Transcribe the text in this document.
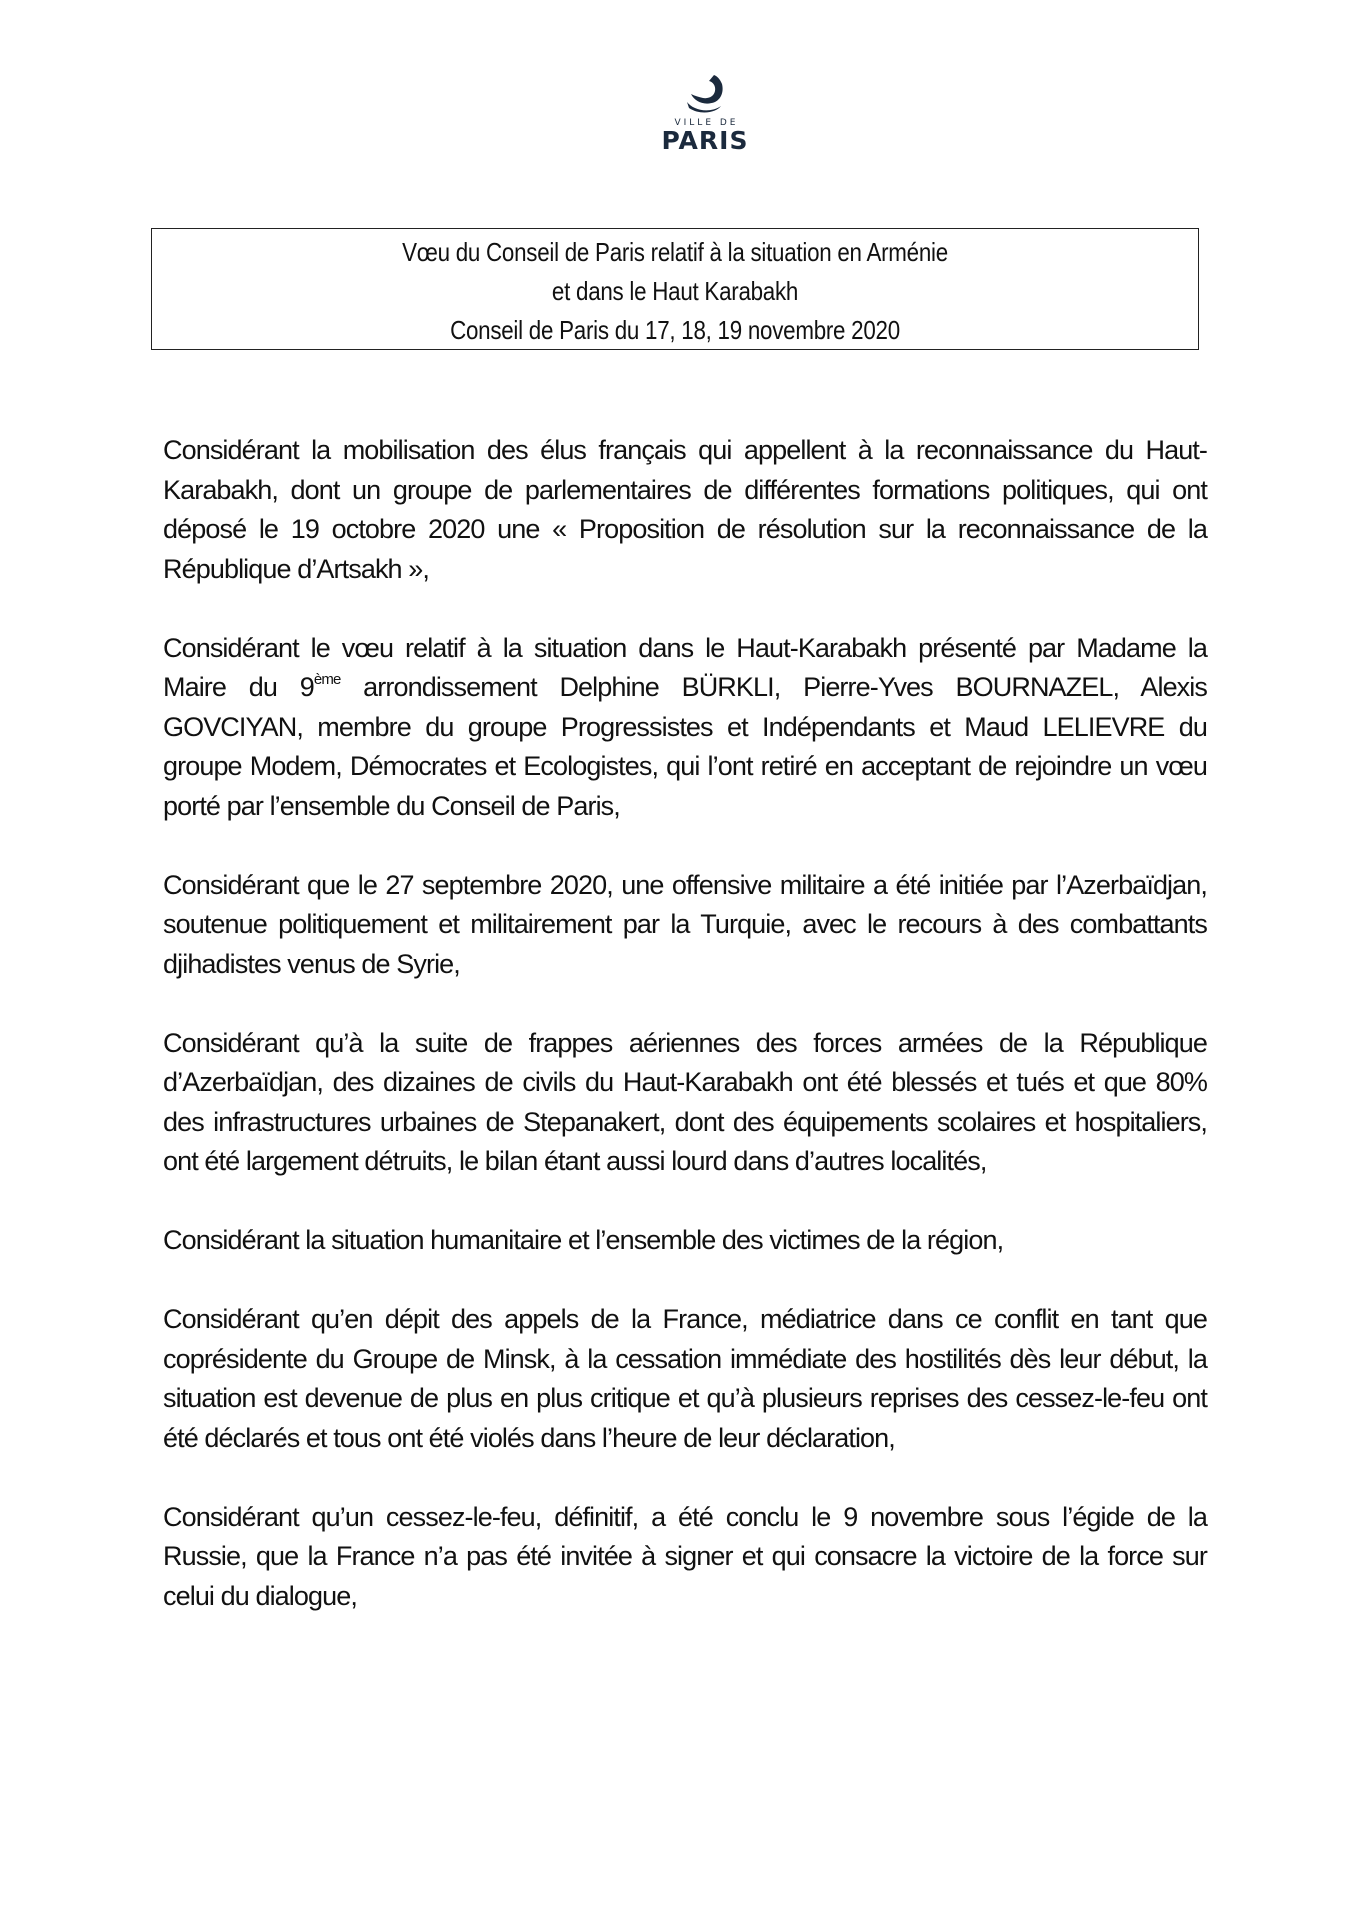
VILLE DE
PARIS
Vœu du Conseil de Paris relatif à la situation en Arménie
et dans le Haut Karabakh
Conseil de Paris du 17, 18, 19 novembre 2020

Considérant la mobilisation des élus français qui appellent à la reconnaissance du Haut-Karabakh, dont un groupe de parlementaires de différentes formations politiques, qui ont déposé le 19 octobre 2020 une « Proposition de résolution sur la reconnaissance de la République d’Artsakh »,

Considérant le vœu relatif à la situation dans le Haut-Karabakh présenté par Madame la Maire du 9ème arrondissement Delphine BÜRKLI, Pierre-Yves BOURNAZEL, Alexis GOVCIYAN, membre du groupe Progressistes et Indépendants et Maud LELIEVRE du groupe Modem, Démocrates et Ecologistes, qui l’ont retiré en acceptant de rejoindre un vœu porté par l’ensemble du Conseil de Paris,

Considérant que le 27 septembre 2020, une offensive militaire a été initiée par l’Azerbaïdjan, soutenue politiquement et militairement par la Turquie, avec le recours à des combattants djihadistes venus de Syrie,

Considérant qu’à la suite de frappes aériennes des forces armées de la République d’Azerbaïdjan, des dizaines de civils du Haut-Karabakh ont été blessés et tués et que 80% des infrastructures urbaines de Stepanakert, dont des équipements scolaires et hospitaliers, ont été largement détruits, le bilan étant aussi lourd dans d’autres localités,

Considérant la situation humanitaire et l’ensemble des victimes de la région,

Considérant qu’en dépit des appels de la France, médiatrice dans ce conflit en tant que coprésidente du Groupe de Minsk, à la cessation immédiate des hostilités dès leur début, la situation est devenue de plus en plus critique et qu’à plusieurs reprises des cessez-le-feu ont été déclarés et tous ont été violés dans l’heure de leur déclaration,

Considérant qu’un cessez-le-feu, définitif, a été conclu le 9 novembre sous l’égide de la Russie, que la France n’a pas été invitée à signer et qui consacre la victoire de la force sur celui du dialogue,
